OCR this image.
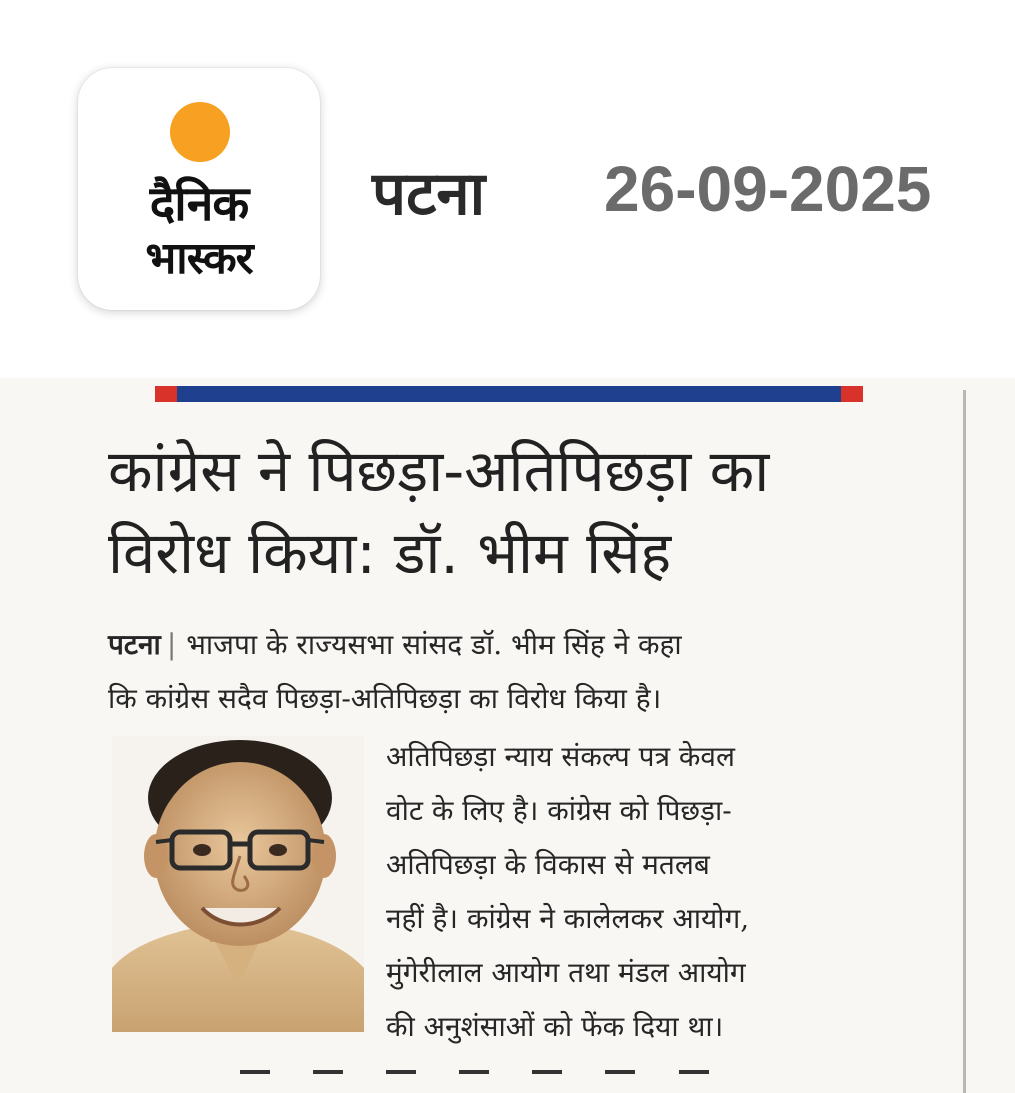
दैनिक
भास्कर
पटना 26-09-2025
कांग्रेस ने पिछड़ा-अतिपिछड़ा का
विरोध किया: डॉ. भीम सिंह
पटना | भाजपा के राज्यसभा सांसद डॉ. भीम सिंह ने कहा
कि कांग्रेस सदैव पिछड़ा-अतिपिछड़ा का विरोध किया है।
अतिपिछड़ा न्याय संकल्प पत्र केवल
वोट के लिए है। कांग्रेस को पिछड़ा-
अतिपिछड़ा के विकास से मतलब
नहीं है। कांग्रेस ने कालेलकर आयोग,
मुंगेरीलाल आयोग तथा मंडल आयोग
की अनुशंसाओं को फेंक दिया था।
